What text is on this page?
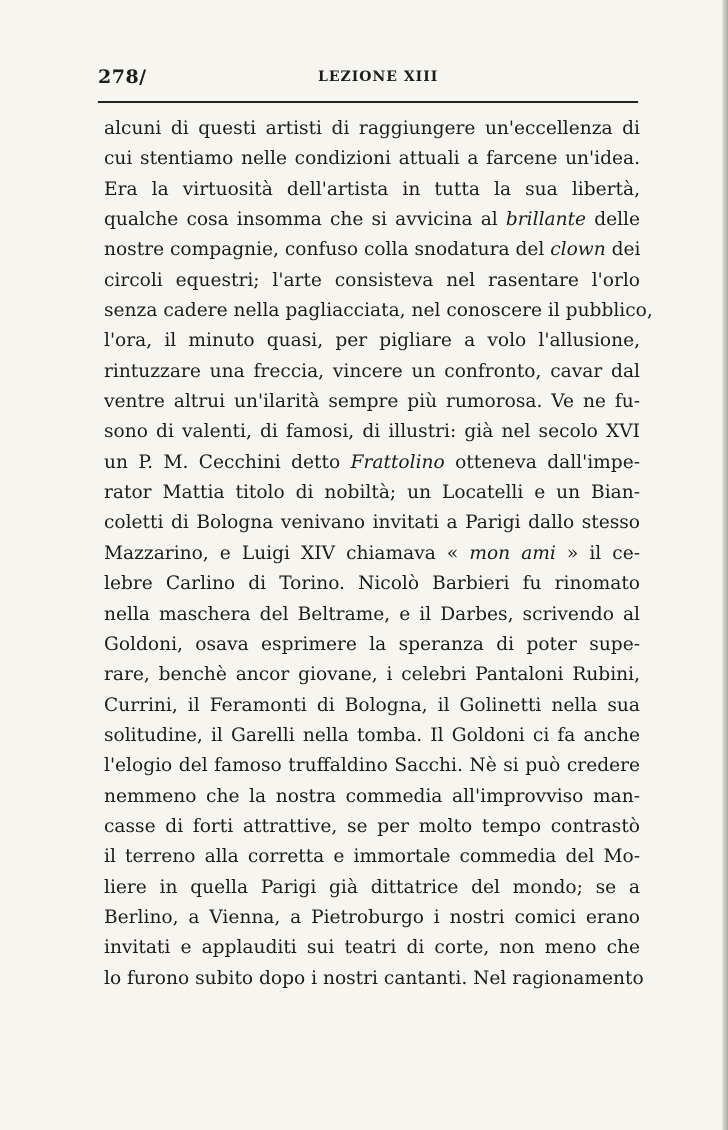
278/	LEZIONE XIII
alcuni di questi artisti di raggiungere un'eccellenza di
cui stentiamo nelle condizioni attuali a farcene un'idea.
Era la virtuosità dell'artista in tutta la sua libertà,
qualche cosa insomma che si avvicina al brillante delle
nostre compagnie, confuso colla snodatura del clown dei
circoli equestri; l'arte consisteva nel rasentare l'orlo
senza cadere nella pagliacciata, nel conoscere il pubblico,
l'ora, il minuto quasi, per pigliare a volo l'allusione,
rintuzzare una freccia, vincere un confronto, cavar dal
ventre altrui un'ilarità sempre più rumorosa. Ve ne fu-
sono di valenti, di famosi, di illustri: già nel secolo XVI
un P. M. Cecchini detto Frattolino otteneva dall'impe-
rator Mattia titolo di nobiltà; un Locatelli e un Bian-
coletti di Bologna venivano invitati a Parigi dallo stesso
Mazzarino, e Luigi XIV chiamava « mon ami » il ce-
lebre Carlino di Torino. Nicolò Barbieri fu rinomato
nella maschera del Beltrame, e il Darbes, scrivendo al
Goldoni, osava esprimere la speranza di poter supe-
rare, benchè ancor giovane, i celebri Pantaloni Rubini,
Currini, il Feramonti di Bologna, il Golinetti nella sua
solitudine, il Garelli nella tomba. Il Goldoni ci fa anche
l'elogio del famoso truffaldino Sacchi. Nè si può credere
nemmeno che la nostra commedia all'improvviso man-
casse di forti attrattive, se per molto tempo contrastò
il terreno alla corretta e immortale commedia del Mo-
liere in quella Parigi già dittatrice del mondo; se a
Berlino, a Vienna, a Pietroburgo i nostri comici erano
invitati e applauditi sui teatri di corte, non meno che
lo furono subito dopo i nostri cantanti. Nel ragionamento
